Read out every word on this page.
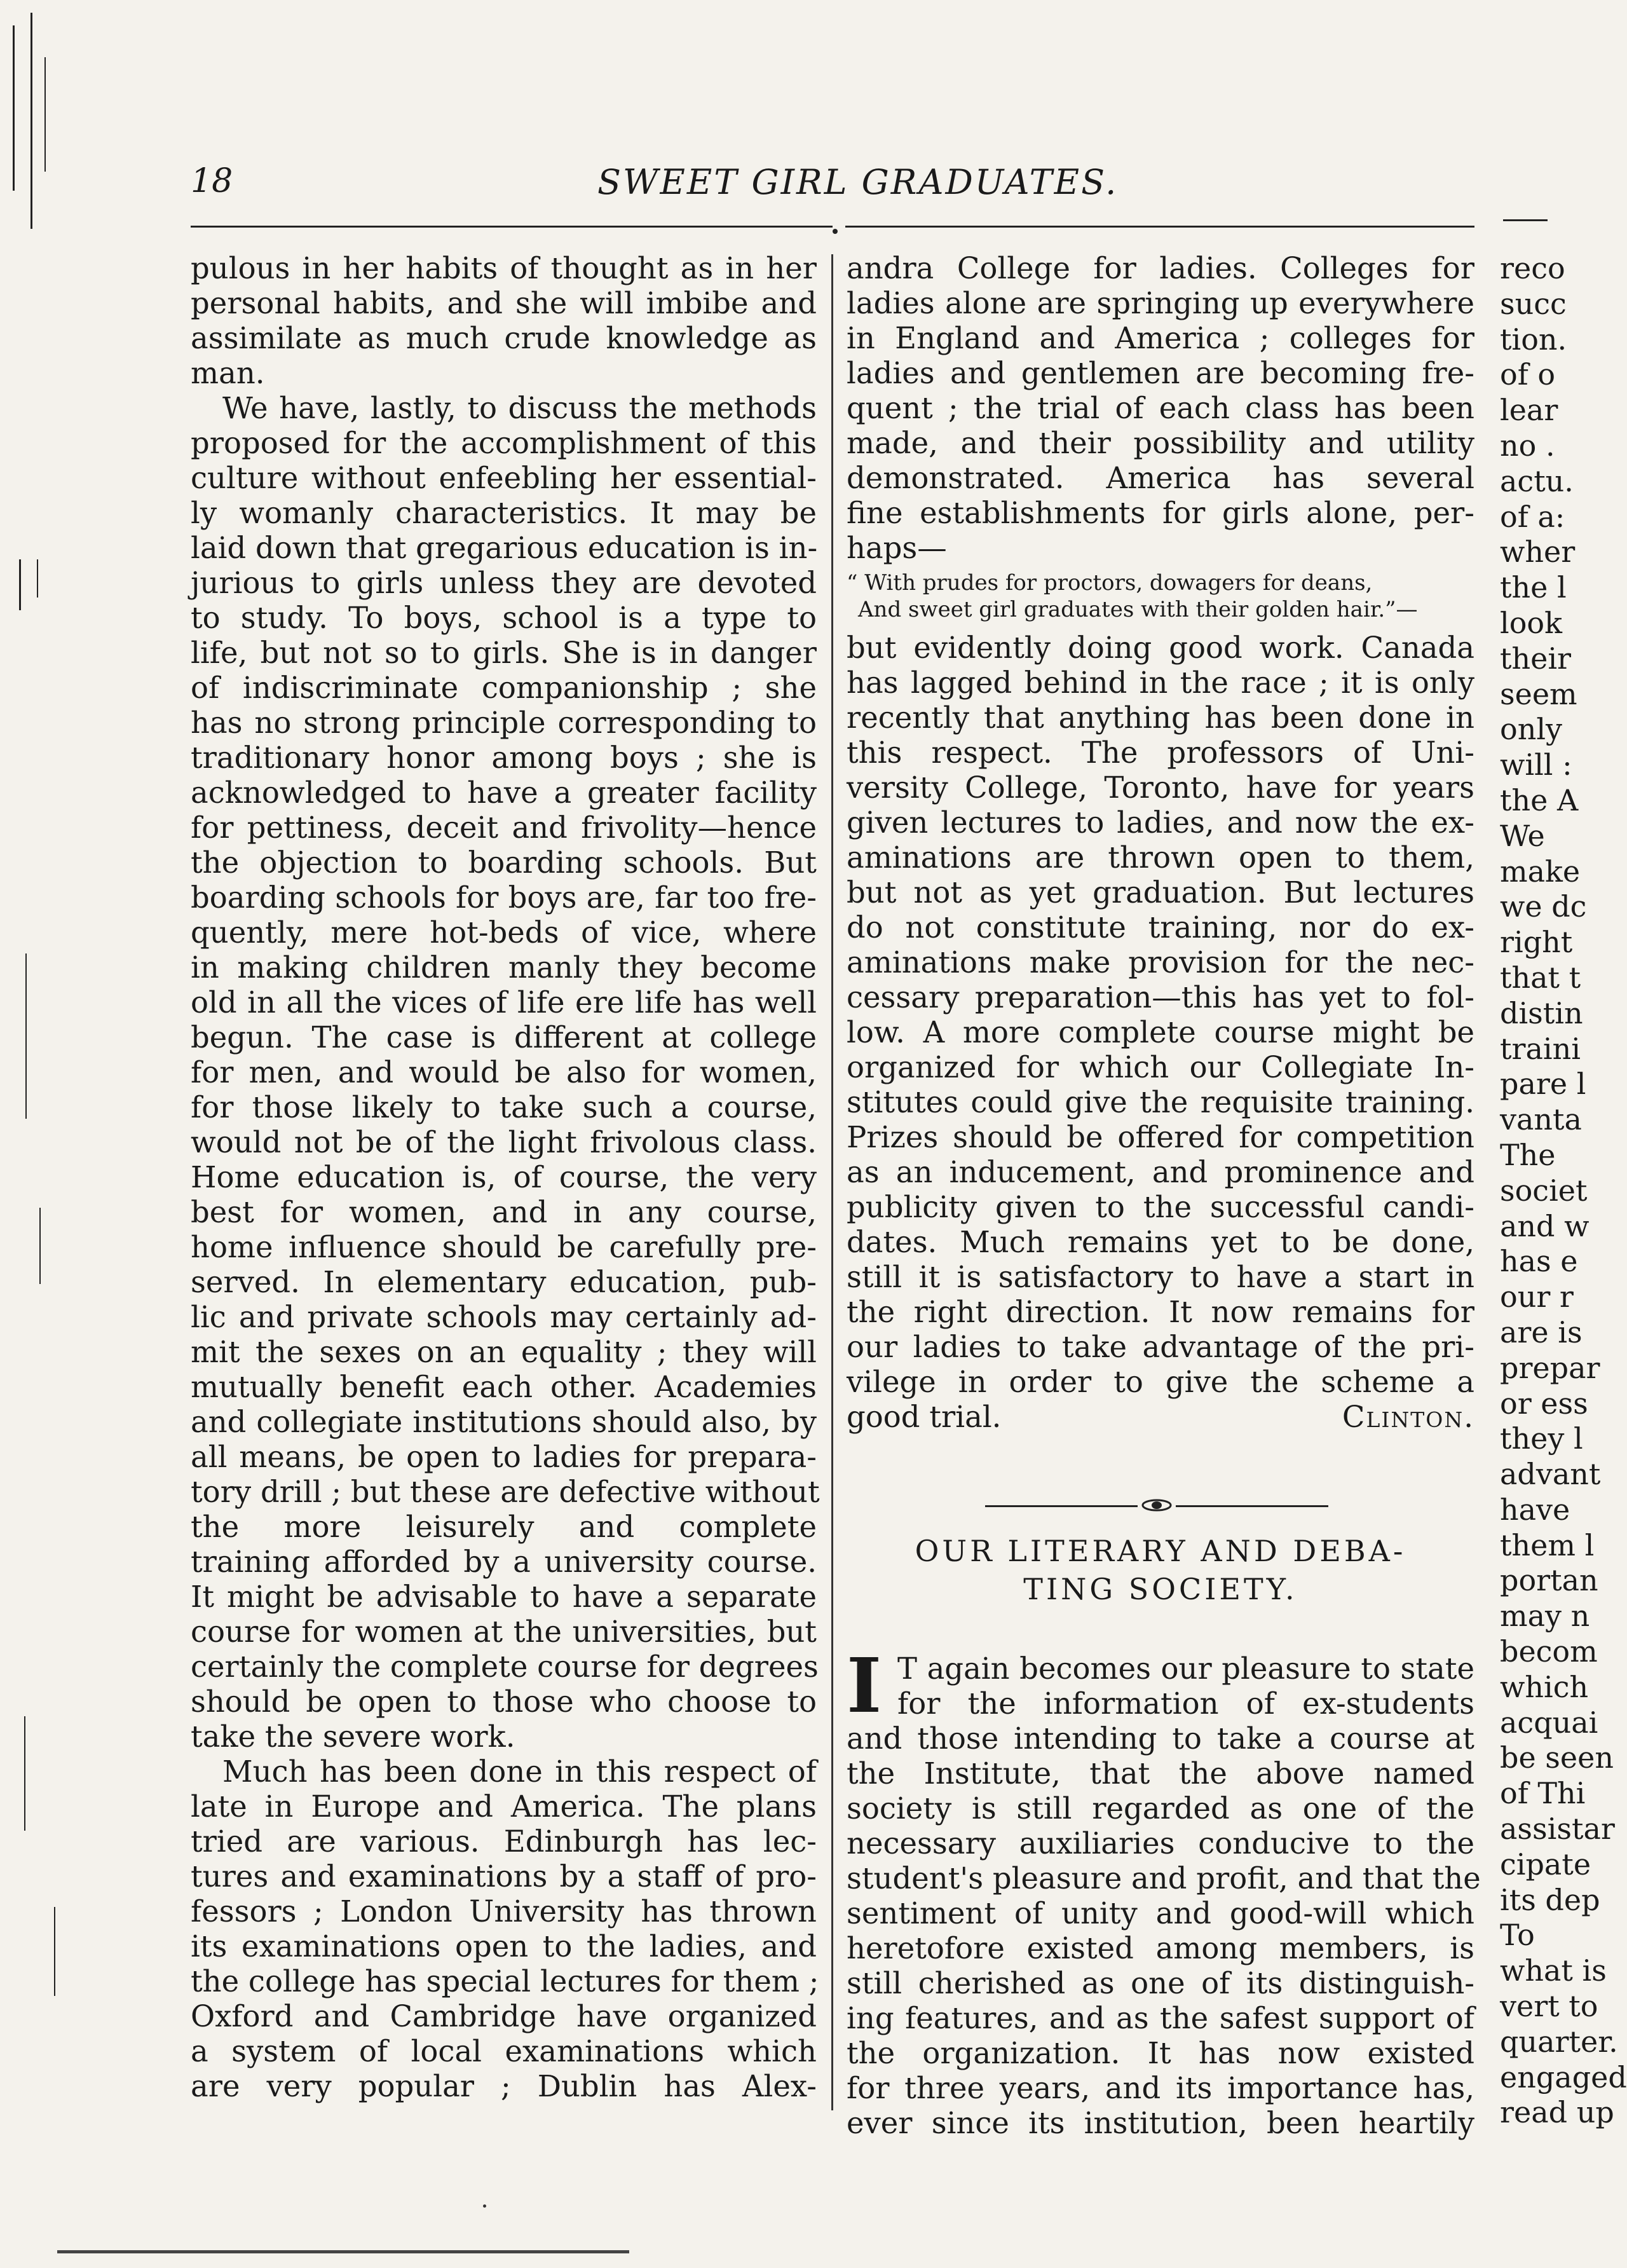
18	SWEET GIRL GRADUATES.
pulous in her habits of thought as in her
personal habits, and she will imbibe and
assimilate as much crude knowledge as
man.
We have, lastly, to discuss the methods
proposed for the accomplishment of this
culture without enfeebling her essential-
ly womanly characteristics. It may be
laid down that gregarious education is in-
jurious to girls unless they are devoted
to study. To boys, school is a type to
life, but not so to girls. She is in danger
of indiscriminate companionship ; she
has no strong principle corresponding to
traditionary honor among boys ; she is
acknowledged to have a greater facility
for pettiness, deceit and frivolity—hence
the objection to boarding schools. But
boarding schools for boys are, far too fre-
quently, mere hot-beds of vice, where
in making children manly they become
old in all the vices of life ere life has well
begun. The case is different at college
for men, and would be also for women,
for those likely to take such a course,
would not be of the light frivolous class.
Home education is, of course, the very
best for women, and in any course,
home influence should be carefully pre-
served. In elementary education, pub-
lic and private schools may certainly ad-
mit the sexes on an equality ; they will
mutually benefit each other. Academies
and collegiate institutions should also, by
all means, be open to ladies for prepara-
tory drill ; but these are defective without
the more leisurely and complete
training afforded by a university course.
It might be advisable to have a separate
course for women at the universities, but
certainly the complete course for degrees
should be open to those who choose to
take the severe work.
Much has been done in this respect of
late in Europe and America. The plans
tried are various. Edinburgh has lec-
tures and examinations by a staff of pro-
fessors ; London University has thrown
its examinations open to the ladies, and
the college has special lectures for them ;
Oxford and Cambridge have organized
a system of local examinations which
are very popular ; Dublin has Alex-
andra College for ladies. Colleges for
ladies alone are springing up everywhere
in England and America ; colleges for
ladies and gentlemen are becoming fre-
quent ; the trial of each class has been
made, and their possibility and utility
demonstrated. America has several
fine establishments for girls alone, per-
haps—
“ With prudes for proctors, dowagers for deans,
And sweet girl graduates with their golden hair.”—
but evidently doing good work. Canada
has lagged behind in the race ; it is only
recently that anything has been done in
this respect. The professors of Uni-
versity College, Toronto, have for years
given lectures to ladies, and now the ex-
aminations are thrown open to them,
but not as yet graduation. But lectures
do not constitute training, nor do ex-
aminations make provision for the nec-
cessary preparation—this has yet to fol-
low. A more complete course might be
organized for which our Collegiate In-
stitutes could give the requisite training.
Prizes should be offered for competition
as an inducement, and prominence and
publicity given to the successful candi-
dates. Much remains yet to be done,
still it is satisfactory to have a start in
the right direction. It now remains for
our ladies to take advantage of the pri-
vilege in order to give the scheme a
good trial.	Clinton.
OUR LITERARY AND DEBA-
TING SOCIETY.
I T again becomes our pleasure to state
for the information of ex-students
and those intending to take a course at
the Institute, that the above named
society is still regarded as one of the
necessary auxiliaries conducive to the
student's pleasure and profit, and that the
sentiment of unity and good-will which
heretofore existed among members, is
still cherished as one of its distinguish-
ing features, and as the safest support of
the organization. It has now existed
for three years, and its importance has,
ever since its institution, been heartily
reco
succ
tion.
of o
lear
no .
actu.
of a:
wher
the l
look
their
seem
only
will :
the A
We
make
we dc
right
that t
distin
traini
pare l
vanta
The
societ
and w
has e
our r
are is
prepar
or ess
they l
advant
have
them l
portan
may n
becom
which
acquai
be seen
of Thi
assistar
cipate
its dep
To
what is
vert to
quarter.
engaged
read up
